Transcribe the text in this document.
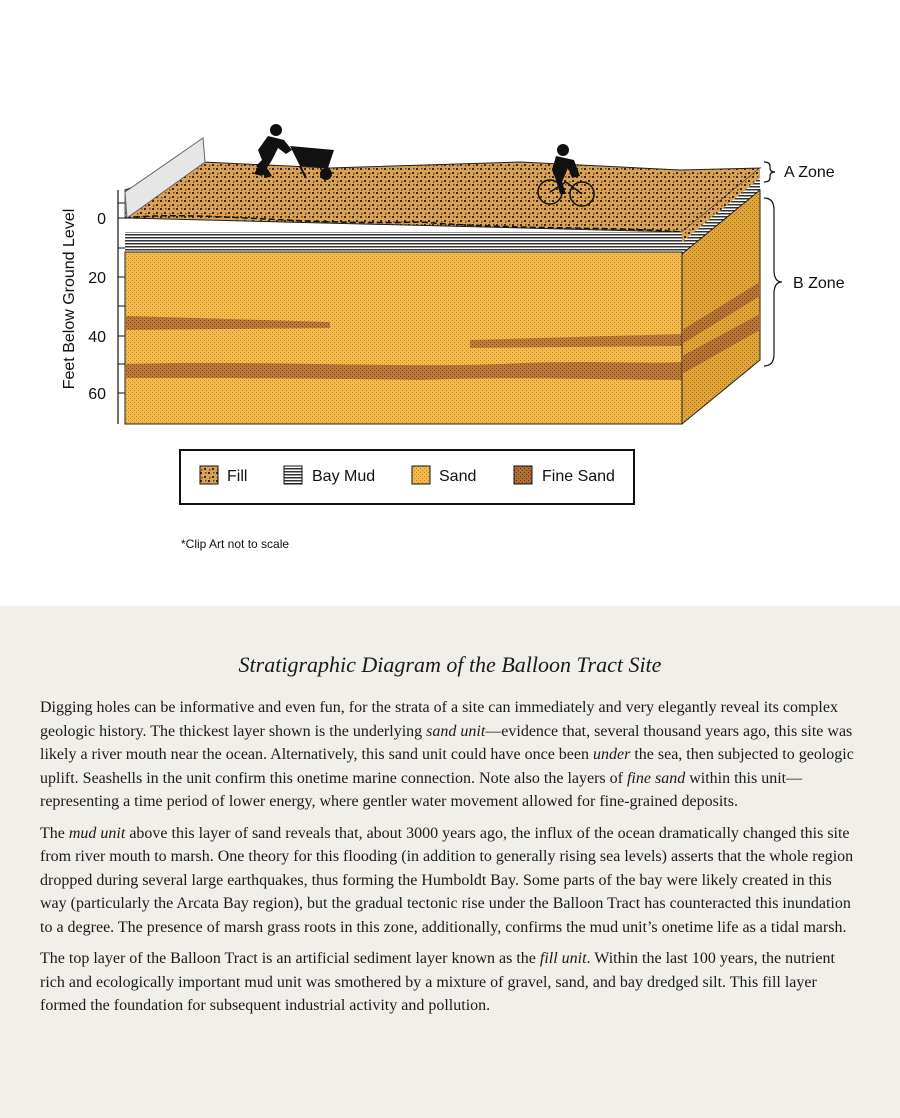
0
20
40
60
Feet Below Ground Level
A Zone
B Zone
Fill	Bay Mud	Sand	Fine Sand
*Clip Art not to scale
Stratigraphic Diagram of the Balloon Tract Site

Digging holes can be informative and even fun, for the strata of a site can immediately and very elegantly reveal its complex geologic history. The thickest layer shown is the underlying sand unit—evidence that, several thousand years ago, this site was likely a river mouth near the ocean. Alternatively, this sand unit could have once been under the sea, then subjected to geologic uplift. Seashells in the unit confirm this onetime marine connection. Note also the layers of fine sand within this unit—representing a time period of lower energy, where gentler water movement allowed for fine-grained deposits.

The mud unit above this layer of sand reveals that, about 3000 years ago, the influx of the ocean dramatically changed this site from river mouth to marsh. One theory for this flooding (in addition to generally rising sea levels) asserts that the whole region dropped during several large earthquakes, thus forming the Humboldt Bay. Some parts of the bay were likely created in this way (particularly the Arcata Bay region), but the gradual tectonic rise under the Balloon Tract has counteracted this inundation to a degree. The presence of marsh grass roots in this zone, additionally, confirms the mud unit’s onetime life as a tidal marsh.

The top layer of the Balloon Tract is an artificial sediment layer known as the fill unit. Within the last 100 years, the nutrient rich and ecologically important mud unit was smothered by a mixture of gravel, sand, and bay dredged silt. This fill layer formed the foundation for subsequent industrial activity and pollution.
